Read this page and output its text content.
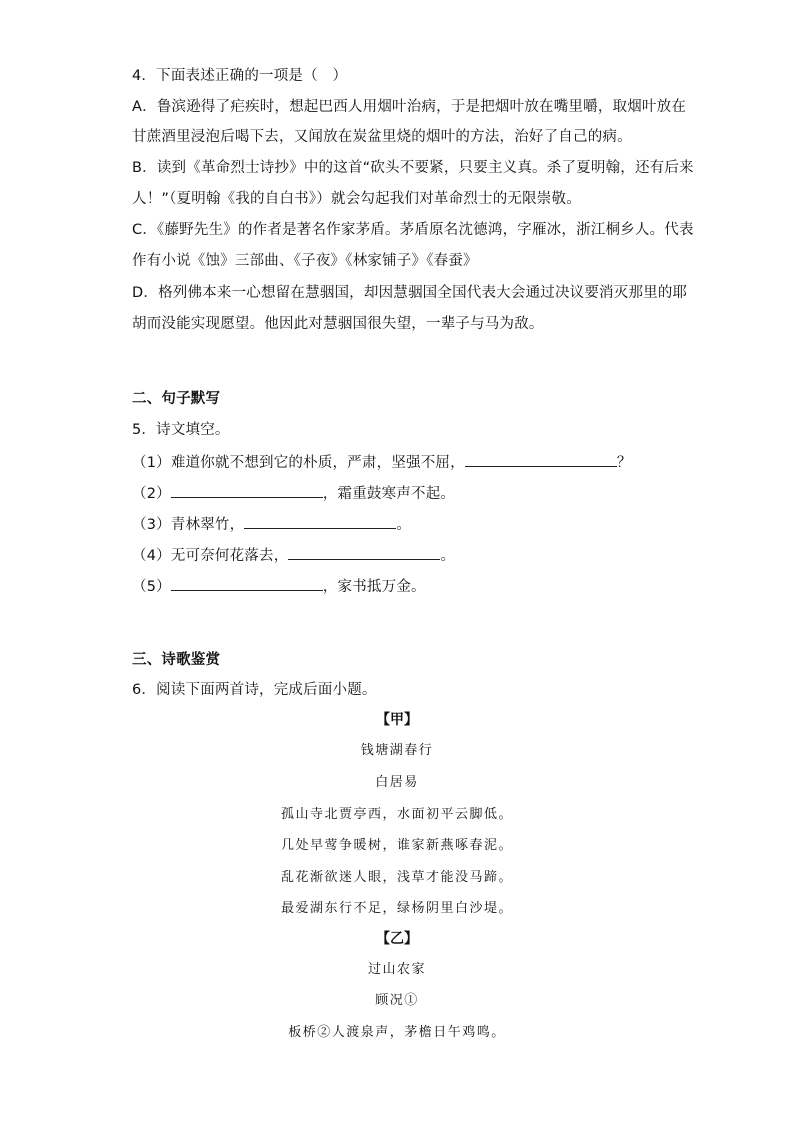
4．下面表述正确的一项是（　）
A．鲁滨逊得了疟疾时，想起巴西人用烟叶治病，于是把烟叶放在嘴里嚼，取烟叶放在
甘蔗酒里浸泡后喝下去，又闻放在炭盆里烧的烟叶的方法，治好了自己的病。
B．读到《革命烈士诗抄》中的这首“砍头不要紧，只要主义真。杀了夏明翰，还有后来
人！”（夏明翰《我的自白书》）就会勾起我们对革命烈士的无限崇敬。
C．《藤野先生》的作者是著名作家茅盾。茅盾原名沈德鸿，字雁冰，浙江桐乡人。代表
作有小说《蚀》三部曲、《子夜》《林家铺子》《春蚕》
D．格列佛本来一心想留在慧骃国，却因慧骃国全国代表大会通过决议要消灭那里的耶
胡而没能实现愿望。他因此对慧骃国很失望，一辈子与马为敌。
二、句子默写
5．诗文填空。
（1）难道你就不想到它的朴质，严肃，坚强不屈，	？
（2）	，霜重鼓寒声不起。
（3）青林翠竹，	。
（4）无可奈何花落去，	。
（5）	，家书抵万金。
三、诗歌鉴赏
6．阅读下面两首诗，完成后面小题。
【甲】
钱塘湖春行
白居易
孤山寺北贾亭西，水面初平云脚低。
几处早莺争暖树，谁家新燕啄春泥。
乱花渐欲迷人眼，浅草才能没马蹄。
最爱湖东行不足，绿杨阴里白沙堤。
【乙】
过山农家
顾况①
板桥②人渡泉声，茅檐日午鸡鸣。
